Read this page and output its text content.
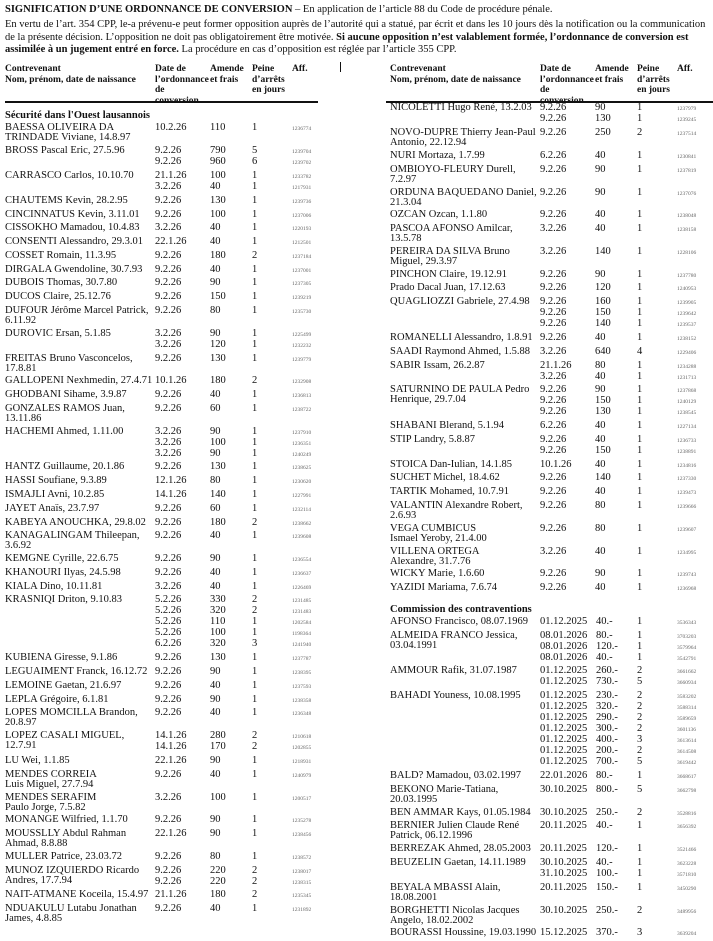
SIGNIFICATION D’UNE ORDONNANCE DE CONVERSION – En application de l’article 88 du Code de procédure pénale.
En vertu de l’art. 354 CPP, le-a prévenu-e peut former opposition auprès de l’autorité qui a statué, par écrit et dans les 10 jours dès la notification ou la communication de la présente décision. L’opposition ne doit pas obligatoirement être motivée. Si aucune opposition n’est valablement formée, l’ordonnance de conversion est assimilée à un jugement entré en force. La procédure en cas d’opposition est réglée par l’article 355 CPP.
Contrevenant
Nom, prénom, date de naissance
Date de
l’ordonnance
de conversion
Amende
et frais
Peine
d’arrêts
en jours
Aff.
Sécurité dans l'Ouest lausannois
BAESSA OLIVEIRA DA
TRINDADE Viviane, 14.8.97
10.2.26	110	1	1236774
BROSS Pascal Eric, 27.5.96	9.2.26	790	5	1239704
9.2.26	960	6	1239702
CARRASCO Carlos, 10.10.70	21.1.26	100	1	1233782
3.2.26	40	1	1217931
CHAUTEMS Kevin, 28.2.95	9.2.26	130	1	1239736
CINCINNATUS Kevin, 3.11.01	9.2.26	100	1	1237006
CISSOKHO Mamadou, 10.4.83	3.2.26	40	1	1220193
CONSENTI Alessandro, 29.3.01	22.1.26	40	1	1212501
COSSET Romain, 11.3.95	9.2.26	180	2	1237184
DIRGALA Gwendoline, 30.7.93	9.2.26	40	1	1237001
DUBOIS Thomas, 30.7.80	9.2.26	90	1	1237305
DUCOS Claire, 25.12.76	9.2.26	150	1	1239219
DUFOUR Jérôme Marcel Patrick,
6.11.92
9.2.26	80	1	1235730
DUROVIC Ersan, 5.1.85	3.2.26	90	1	1225499
3.2.26	120	1	1232232
FREITAS Bruno Vasconcelos,
17.8.81
9.2.26	130	1	1239779
GALLOPENI Nexhmedin, 27.4.71 10.1.26	180	2	1232908
GHODBANI Sihame, 3.9.87	9.2.26	40	1	1236813
GONZALES RAMOS Juan,
13.11.86
9.2.26	60	1	1238722
HACHEMI Ahmed, 1.11.00	3.2.26	90	1	1237910
3.2.26	100	1	1236351
3.2.26	90	1	1240249
HANTZ Guillaume, 20.1.86	9.2.26	130	1	1238625
HASSI Soufiane, 9.3.89	12.1.26	80	1	1230620
ISMAJLI Avni, 10.2.85	14.1.26	140	1	1227991
JAYET Anaïs, 23.7.97	9.2.26	60	1	1232114
KABEYA ANOUCHKA, 29.8.02 9.2.26	180	2	1238662
KANAGALINGAM Thileepan,
3.6.92
9.2.26	40	1	1239608
KEMGNE Cyrille, 22.6.75	9.2.26	90	1	1236554
KHANOURI Ilyas, 24.5.98	9.2.26	40	1	1236637
KIALA Dino, 10.11.81	3.2.26	40	1	1226469
KRASNIQI Driton, 9.10.83	5.2.26	330	2	1231485
5.2.26	320	2	1231483
5.2.26	110	1	1202584
5.2.26	100	1	1198364
6.2.26	320	3	1241940
KUBIENA Giresse, 9.1.86	9.2.26	130	1	1237787
LEGUAIMENT Franck, 16.12.72 9.2.26	90	1	1238395
LEMOINE Gaetan, 21.6.97	9.2.26	40	1	1237593
LEPLA Grégoire, 6.1.81	9.2.26	90	1	1238358
LOPES MOMCILLA Brandon,
20.8.97
9.2.26	40	1	1236348
LOPEZ CASALI MIGUEL, 12.7.91
14.1.26	280	2	1210618
14.1.26	170	2	1202855
LU Wei, 1.1.85	22.1.26	90	1	1218931
MENDES CORREIA
Luis Miguel, 27.7.94
9.2.26	40	1	1240979
MENDES SERAFIM
Paulo Jorge, 7.5.82
3.2.26	100	1	1200517
MONANGE Wilfried, 1.1.70	9.2.26	90	1	1235278
MOUSSLLY Abdul Rahman
Ahmad, 8.8.88
22.1.26	90	1	1238456
MULLER Patrice, 23.03.72	9.2.26	80	1	1238572
MUNOZ IZQUIERDO Ricardo
Andres, 17.7.94
9.2.26	220	2	1238017
9.2.26	220	2	1238315
NAIT-ATMANE Koceila, 15.4.97 21.1.26	180	2	1235345
NDUAKULU Lutabu Jonathan
James, 4.8.85
9.2.26	40	1	1231892
Contrevenant
Nom, prénom, date de naissance
Date de
l’ordonnance
de conversion
Amende
et frais
Peine
d’arrêts
en jours
Aff.
NICOLETTI Hugo René, 13.2.03 9.2.26	90	1	1237979
9.2.26	130	1	1239245
NOVO-DUPRE Thierry Jean-Paul
Antonio, 22.12.94
9.2.26	250	2	1237514
NURI Mortaza, 1.7.99	6.2.26	40	1	1230841
OMBIOYO-FLEURY Durell, 7.2.97
9.2.26	90	1	1237819
ORDUNA BAQUEDANO Daniel,
21.3.04
9.2.26	90	1	1237076
OZCAN Ozcan, 1.1.80	9.2.26	40	1	1238048
PASCOA AFONSO Amilcar, 13.5.78
3.2.26	40	1	1238158
PEREIRA DA SILVA Bruno
Miguel, 29.3.97
3.2.26	140	1	1228106
PINCHON Claire, 19.12.91	9.2.26	90	1	1237780
Prado Dacal Juan, 17.12.63	9.2.26	120	1	1240953
QUAGLIOZZI Gabriele, 27.4.98 9.2.26	160	1	1239905
9.2.26	150	1	1239642
9.2.26	140	1	1239537
ROMANELLI Alessandro, 1.8.91 9.2.26	40	1	1238152
SAADI Raymond Ahmed, 1.5.88 3.2.26	640	4	1229406
SABIR Issam, 26.2.87	21.1.26	80	1	1234288
3.2.26	40	1	1231713
SATURNINO DE PAULA Pedro
Henrique, 29.7.04
9.2.26	90	1	1237868
9.2.26	150	1	1240129
9.2.26	130	1	1238545
SHABANI Blerand, 5.1.94	6.2.26	40	1	1227134
STIP Landry, 5.8.87	9.2.26	40	1	1236733
9.2.26	150	1	1238891
STOICA Dan-Iulian, 14.1.85	10.1.26	40	1	1234816
SUCHET Michel, 18.4.62	9.2.26	140	1	1237330
TARTIK Mohamed, 10.7.91	9.2.26	40	1	1239473
VALANTIN Alexandre Robert,
2.6.93
9.2.26	80	1	1239666
VEGA CUMBICUS
Ismael Yeroby, 21.4.00
9.2.26	80	1	1239607
VILLENA ORTEGA
Alexandre, 31.7.76
3.2.26	40	1	1234995
WICKY Marie, 1.6.60	9.2.26	90	1	1239743
YAZIDI Mariama, 7.6.74	9.2.26	40	1	1236968
Commission des contraventions
AFONSO Francisco, 08.07.1969	01.12.2025 40.-	1	3536343
ALMEIDA FRANCO Jessica,
03.04.1991
08.01.2026 80.-	1	3703203
08.01.2026 120.-	1	3579964
08.01.2026 40.-	1	3542791
AMMOUR Rafik, 31.07.1987	01.12.2025 260.-	2	3661662
01.12.2025 730.-	5	3660934
BAHADI Youness, 10.08.1995	01.12.2025 230.-	2	3583202
01.12.2025 320.-	2	3588314
01.12.2025 290.-	2	3589659
01.12.2025 300.-	2	3601136
01.12.2025 400.-	3	3613614
01.12.2025 200.-	2	3614508
01.12.2025 700.-	5	3619442
BALD? Mamadou, 03.02.1997	22.01.2026 80.-	1	3668617
BEKONO Marie-Tatiana, 20.03.1995
30.10.2025 800.-	5	3662798
BEN AMMAR Kays, 01.05.1984 30.10.2025 250.-	2	3528816
BERNIER Julien Claude René
Patrick, 06.12.1996
20.11.2025 40.-	1	3656392
BERREZAK Ahmed, 28.05.2003 20.11.2025 120.-	1	3521466
BEUZELIN Gaetan, 14.11.1989	30.10.2025 40.-	1	3623228
31.10.2025 100.-	1	3571810
BEYALA MBASSI Alain,
18.08.2001
20.11.2025 150.-	1	3450290
BORGHETTI Nicolas Jacques
Angelo, 18.02.2002
30.10.2025 250.-	2	3489956
BOURASSI Houssine, 19.03.1990 15.12.2025 370.-	3	3639204
